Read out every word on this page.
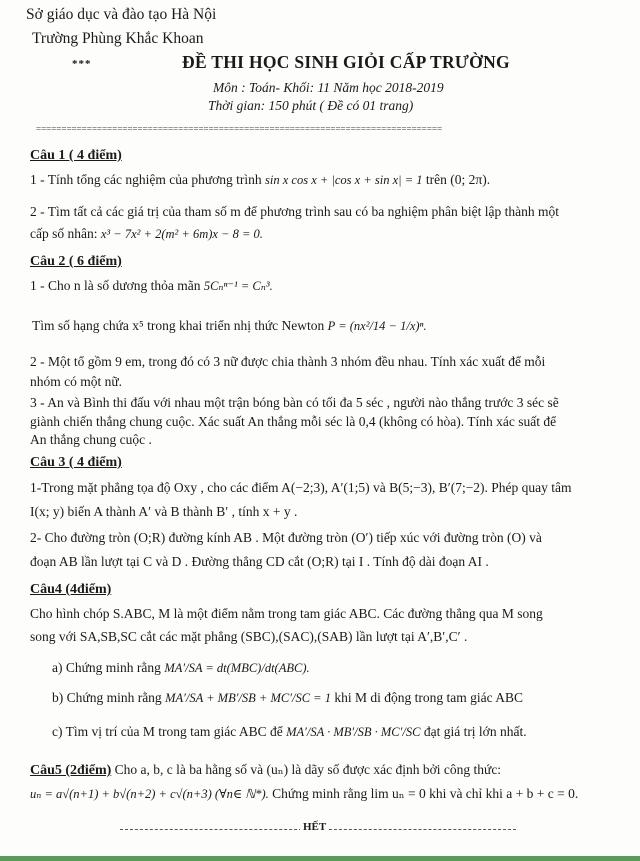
Sở giáo dục và đào tạo Hà Nội
Trường Phùng Khắc Khoan
***	ĐỀ THI HỌC SINH GIỎI CẤP TRƯỜNG
Môn : Toán- Khối: 11 Năm học 2018-2019
Thời gian: 150 phút ( Đề có 01 trang)
================================================================================
Câu 1 ( 4 điểm)
1 - Tính tổng các nghiệm của phương trình sin x cos x + |cos x + sin x| = 1 trên (0; 2π).
2 - Tìm tất cả các giá trị của tham số m để phương trình sau có ba nghiệm phân biệt lập thành một
cấp số nhân: x³ − 7x² + 2(m² + 6m)x − 8 = 0.
Câu 2 ( 6 điểm)
1 - Cho n là số dương thỏa mãn 5Cₙⁿ⁻¹ = Cₙ³.
Tìm số hạng chứa x⁵ trong khai triển nhị thức Newton P = (nx²/14 − 1/x)ⁿ.
2 - Một tổ gồm 9 em, trong đó có 3 nữ được chia thành 3 nhóm đều nhau. Tính xác xuất để mỗi
nhóm có một nữ.
3 - An và Bình thi đấu với nhau một trận bóng bàn có tối đa 5 séc , người nào thắng trước 3 séc sẽ
giành chiến thắng chung cuộc. Xác suất An thắng mỗi séc là 0,4 (không có hòa). Tính xác suất để
An thắng chung cuộc .
Câu 3 ( 4 điểm)
1-Trong mặt phẳng tọa độ Oxy , cho các điểm A(−2;3), A′(1;5) và B(5;−3), B′(7;−2). Phép quay tâm
I(x; y) biến A thành A′ và B thành B′ , tính x + y .
2- Cho đường tròn (O;R) đường kính AB . Một đường tròn (O′) tiếp xúc với đường tròn (O) và
đoạn AB lần lượt tại C và D . Đường thẳng CD cắt (O;R) tại I . Tính độ dài đoạn AI .
Câu4 (4điểm)
Cho hình chóp S.ABC, M là một điểm nằm trong tam giác ABC. Các đường thẳng qua M song
song với SA,SB,SC cắt các mặt phẳng (SBC),(SAC),(SAB) lần lượt tại A′,B′,C′ .
a) Chứng minh rằng MA′/SA = dt(MBC)/dt(ABC).
b) Chứng minh rằng MA′/SA + MB′/SB + MC′/SC = 1 khi M di động trong tam giác ABC
c) Tìm vị trí của M trong tam giác ABC để MA′/SA · MB′/SB · MC′/SC đạt giá trị lớn nhất.
Câu5 (2điểm) Cho a, b, c là ba hằng số và (uₙ) là dãy số được xác định bởi công thức:
uₙ = a√(n+1) + b√(n+2) + c√(n+3) (∀n∈ ℕ*). Chứng minh rằng lim uₙ = 0 khi và chỉ khi a + b + c = 0.
HẾT
